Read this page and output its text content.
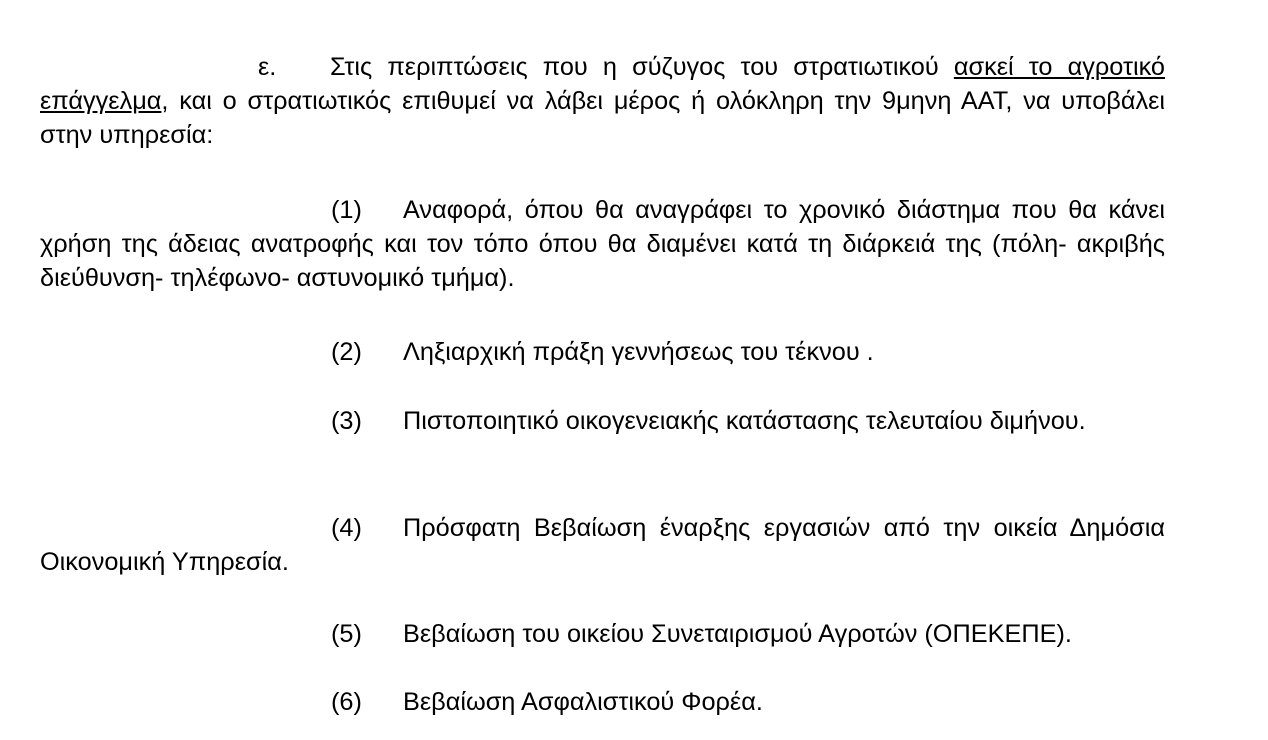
ε. Στις περιπτώσεις που η σύζυγος του στρατιωτικού ασκεί το αγροτικό επάγγελμα, και ο στρατιωτικός επιθυμεί να λάβει μέρος ή ολόκληρη την 9μηνη ΑΑΤ, να υποβάλει στην υπηρεσία:

(1) Αναφορά, όπου θα αναγράφει το χρονικό διάστημα που θα κάνει χρήση της άδειας ανατροφής και τον τόπο όπου θα διαμένει κατά τη διάρκειά της (πόλη- ακριβής διεύθυνση- τηλέφωνο- αστυνομικό τμήμα).

(2) Ληξιαρχική πράξη γεννήσεως του τέκνου .

(3) Πιστοποιητικό οικογενειακής κατάστασης τελευταίου διμήνου.

(4) Πρόσφατη Βεβαίωση έναρξης εργασιών από την οικεία Δημόσια Οικονομική Υπηρεσία.

(5) Βεβαίωση του οικείου Συνεταιρισμού Αγροτών (ΟΠΕΚΕΠΕ).

(6) Βεβαίωση Ασφαλιστικού Φορέα.
